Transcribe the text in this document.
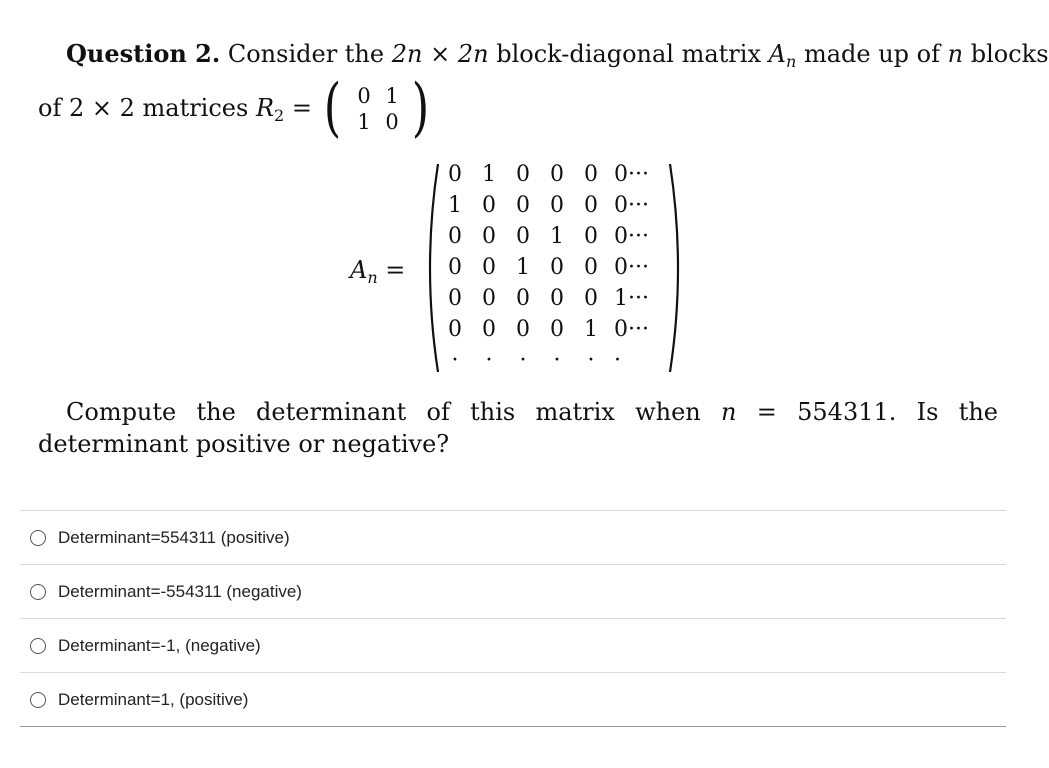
Question 2. Consider the 2n × 2n block-diagonal matrix $A_n$ made up of n blocks
of 2 × 2 matrices $R_2$ = ( 0 1
1 0 )
$A_n$ =
0 1 0 0 0 0···
1 0 0 0 0 0···
0 0 0 1 0 0···
0 0 1 0 0 0···
0 0 0 0 0 1···
0 0 0 0 1 0···
·	·	·	·	· ·

Compute the determinant of this matrix when n = 554311. Is the determinant positive or negative?

Determinant=554311 (positive)
Determinant=-554311 (negative)
Determinant=-1, (negative)
Determinant=1, (positive)
